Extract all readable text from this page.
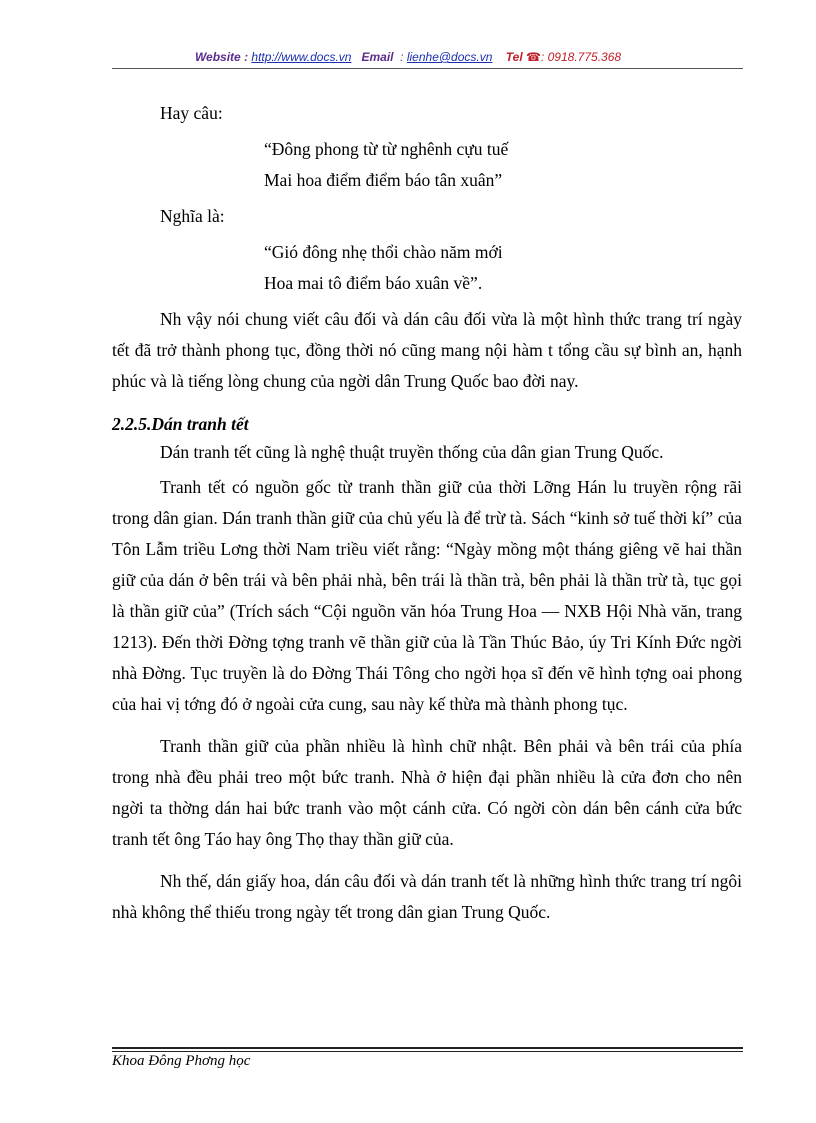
Website : http://www.docs.vn Email : lienhe@docs.vn Tel ☎: 0918.775.368

Hay câu:

“Đông phong từ từ nghênh cựu tuế

Mai hoa điểm điểm báo tân xuân”

Nghĩa là:

“Gió đông nhẹ thổi chào năm mới

Hoa mai tô điểm báo xuân về”.

Nh vậy nói chung viết câu đối và dán câu đối vừa là một hình thức trang trí ngày tết đã trở thành phong tục, đồng thời nó cũng mang nội hàm t tổng cầu sự bình an, hạnh phúc và là tiếng lòng chung của ngời dân Trung Quốc bao đời nay.

2.2.5.Dán tranh tết

Dán tranh tết cũng là nghệ thuật truyền thống của dân gian Trung Quốc.

Tranh tết có nguồn gốc từ tranh thần giữ của thời Lỡng Hán lu truyền rộng rãi trong dân gian. Dán tranh thần giữ của chủ yếu là để trừ tà. Sách “kinh sở tuế thời kí” của Tôn Lẫm triều Lơng thời Nam triều viết rằng: “Ngày mồng một tháng giêng vẽ hai thần giữ của dán ở bên trái và bên phải nhà, bên trái là thần trà, bên phải là thần trừ tà, tục gọi là thần giữ của” (Trích sách “Cội nguồn văn hóa Trung Hoa — NXB Hội Nhà văn, trang 1213). Đến thời Đờng tợng tranh vẽ thần giữ của là Tần Thúc Bảo, úy Tri Kính Đức ngời nhà Đờng. Tục truyền là do Đờng Thái Tông cho ngời họa sĩ đến vẽ hình tợng oai phong của hai vị tớng đó ở ngoài cửa cung, sau này kế thừa mà thành phong tục.

Tranh thần giữ của phần nhiều là hình chữ nhật. Bên phải và bên trái của phía trong nhà đều phải treo một bức tranh. Nhà ở hiện đại phần nhiều là cửa đơn cho nên ngời ta thờng dán hai bức tranh vào một cánh cửa. Có ngời còn dán bên cánh cửa bức tranh tết ông Táo hay ông Thọ thay thần giữ của.

Nh thế, dán giấy hoa, dán câu đối và dán tranh tết là những hình thức trang trí ngôi nhà không thể thiếu trong ngày tết trong dân gian Trung Quốc.

Khoa Đông Phơng học
